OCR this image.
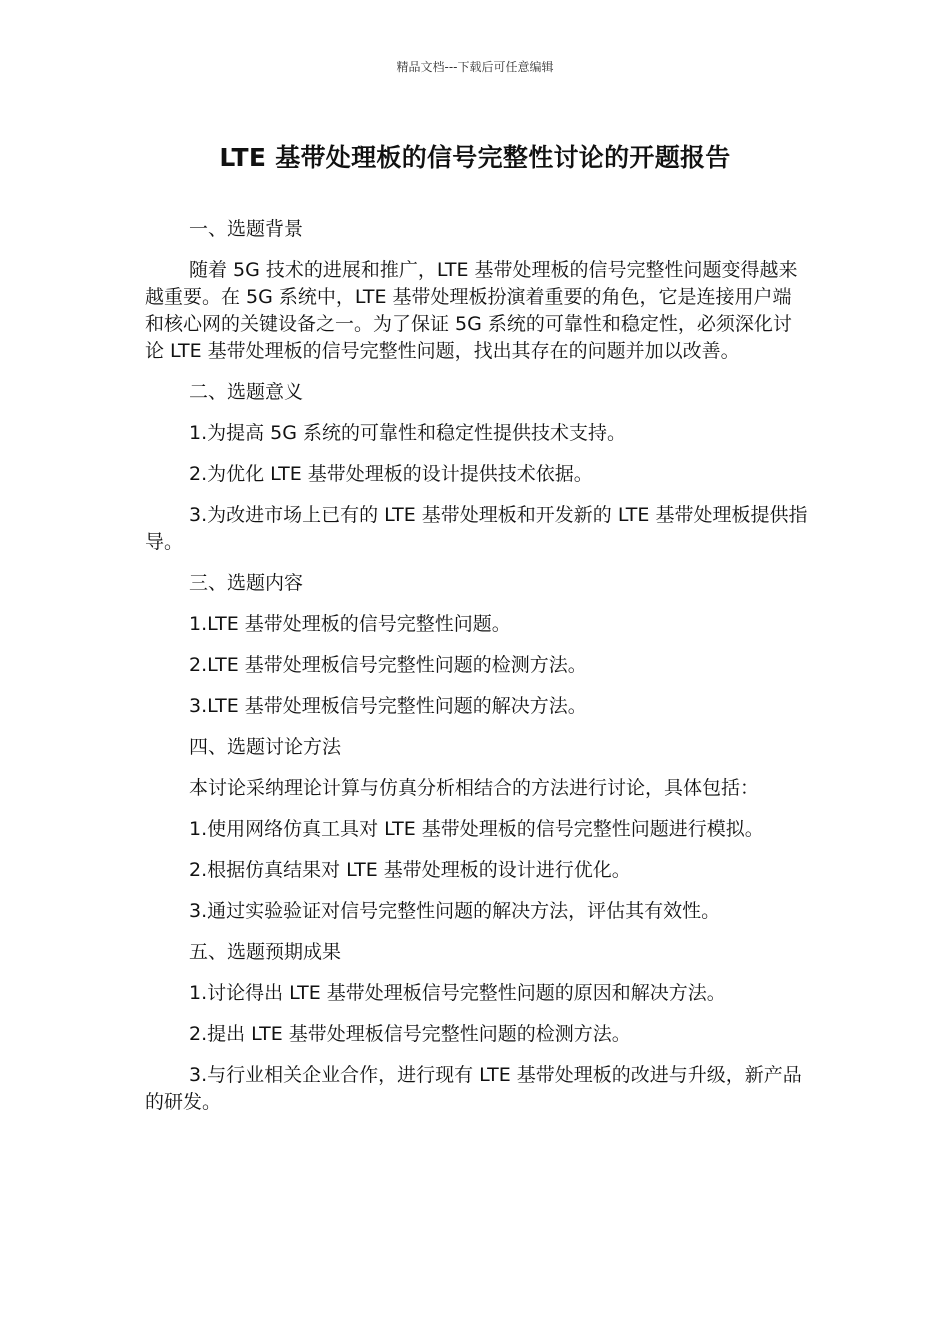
精品文档---下载后可任意编辑
LTE 基带处理板的信号完整性讨论的开题报告

一、选题背景

随着 5G 技术的进展和推广，LTE 基带处理板的信号完整性问题变得越来越重要。在 5G 系统中，LTE 基带处理板扮演着重要的角色，它是连接用户端和核心网的关键设备之一。为了保证 5G 系统的可靠性和稳定性，必须深化讨论 LTE 基带处理板的信号完整性问题，找出其存在的问题并加以改善。

二、选题意义

1.为提高 5G 系统的可靠性和稳定性提供技术支持。

2.为优化 LTE 基带处理板的设计提供技术依据。

3.为改进市场上已有的 LTE 基带处理板和开发新的 LTE 基带处理板提供指导。

三、选题内容

1.LTE 基带处理板的信号完整性问题。

2.LTE 基带处理板信号完整性问题的检测方法。

3.LTE 基带处理板信号完整性问题的解决方法。

四、选题讨论方法

本讨论采纳理论计算与仿真分析相结合的方法进行讨论，具体包括：

1.使用网络仿真工具对 LTE 基带处理板的信号完整性问题进行模拟。

2.根据仿真结果对 LTE 基带处理板的设计进行优化。

3.通过实验验证对信号完整性问题的解决方法，评估其有效性。

五、选题预期成果

1.讨论得出 LTE 基带处理板信号完整性问题的原因和解决方法。

2.提出 LTE 基带处理板信号完整性问题的检测方法。

3.与行业相关企业合作，进行现有 LTE 基带处理板的改进与升级，新产品的研发。
